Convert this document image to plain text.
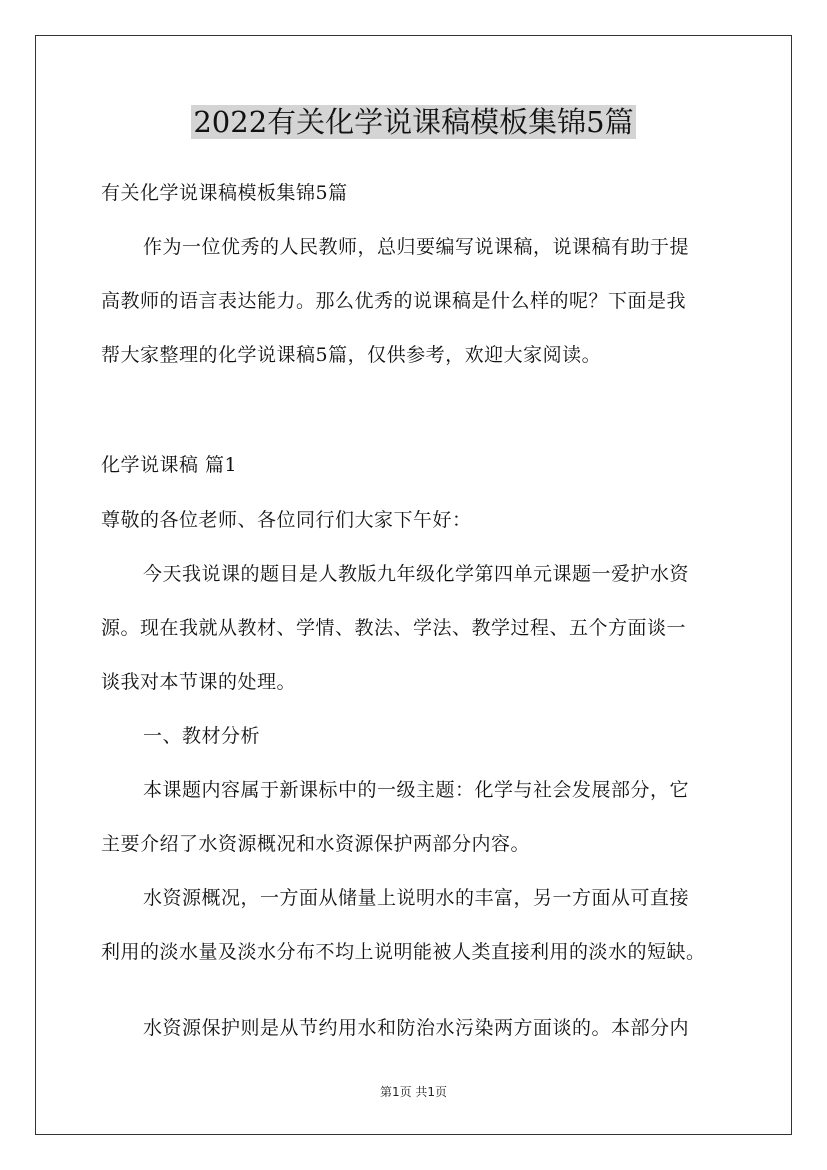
2022有关化学说课稿模板集锦5篇

有关化学说课稿模板集锦5篇

作为一位优秀的人民教师，总归要编写说课稿，说课稿有助于提

高教师的语言表达能力。那么优秀的说课稿是什么样的呢？下面是我

帮大家整理的化学说课稿5篇，仅供参考，欢迎大家阅读。

化学说课稿 篇1

尊敬的各位老师、各位同行们大家下午好：

今天我说课的题目是人教版九年级化学第四单元课题一爱护水资

源。现在我就从教材、学情、教法、学法、教学过程、五个方面谈一

谈我对本节课的处理。

一、教材分析

本课题内容属于新课标中的一级主题：化学与社会发展部分，它

主要介绍了水资源概况和水资源保护两部分内容。

水资源概况，一方面从储量上说明水的丰富，另一方面从可直接

利用的淡水量及淡水分布不均上说明能被人类直接利用的淡水的短缺。

水资源保护则是从节约用水和防治水污染两方面谈的。本部分内

第1页 共1页
